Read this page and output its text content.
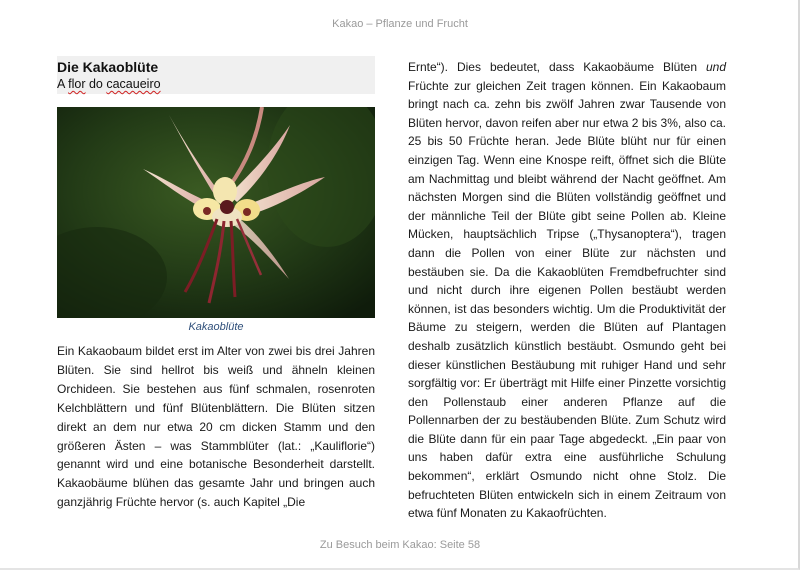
Kakao – Pflanze und Frucht
Die Kakaoblüte
A flor do cacaueiro
Kakaoblüte

Ein Kakaobaum bildet erst im Alter von zwei bis drei Jahren Blüten. Sie sind hellrot bis weiß und ähneln kleinen Orchideen. Sie bestehen aus fünf schmalen, rosenroten Kelchblättern und fünf Blütenblättern. Die Blüten sitzen direkt an dem nur etwa 20 cm dicken Stamm und den größeren Ästen – was Stammblüter (lat.: „Kauliflorie“) genannt wird und eine botanische Besonderheit darstellt. Kakaobäume blühen das gesamte Jahr und bringen auch ganzjährig Früchte hervor (s. auch Kapitel „Die

Ernte“). Dies bedeutet, dass Kakaobäume Blüten und Früchte zur gleichen Zeit tragen können. Ein Kakaobaum bringt nach ca. zehn bis zwölf Jahren zwar Tausende von Blüten hervor, davon reifen aber nur etwa 2 bis 3%, also ca. 25 bis 50 Früchte heran. Jede Blüte blüht nur für einen einzigen Tag. Wenn eine Knospe reift, öffnet sich die Blüte am Nachmittag und bleibt während der Nacht geöffnet. Am nächsten Morgen sind die Blüten vollständig geöffnet und der männliche Teil der Blüte gibt seine Pollen ab. Kleine Mücken, hauptsächlich Tripse („Thysanoptera“), tragen dann die Pollen von einer Blüte zur nächsten und bestäuben sie. Da die Kakaoblüten Fremdbefruchter sind und nicht durch ihre eigenen Pollen bestäubt werden können, ist das besonders wichtig. Um die Produktivität der Bäume zu steigern, werden die Blüten auf Plantagen deshalb zusätzlich künstlich bestäubt. Osmundo geht bei dieser künstlichen Bestäubung mit ruhiger Hand und sehr sorgfältig vor: Er überträgt mit Hilfe einer Pinzette vorsichtig den Pollenstaub einer anderen Pflanze auf die Pollennarben der zu bestäubenden Blüte. Zum Schutz wird die Blüte dann für ein paar Tage abgedeckt. „Ein paar von uns haben dafür extra eine ausführliche Schulung bekommen“, erklärt Osmundo nicht ohne Stolz. Die befruchteten Blüten entwickeln sich in einem Zeitraum von etwa fünf Monaten zu Kakaofrüchten.

Zu Besuch beim Kakao: Seite 58
